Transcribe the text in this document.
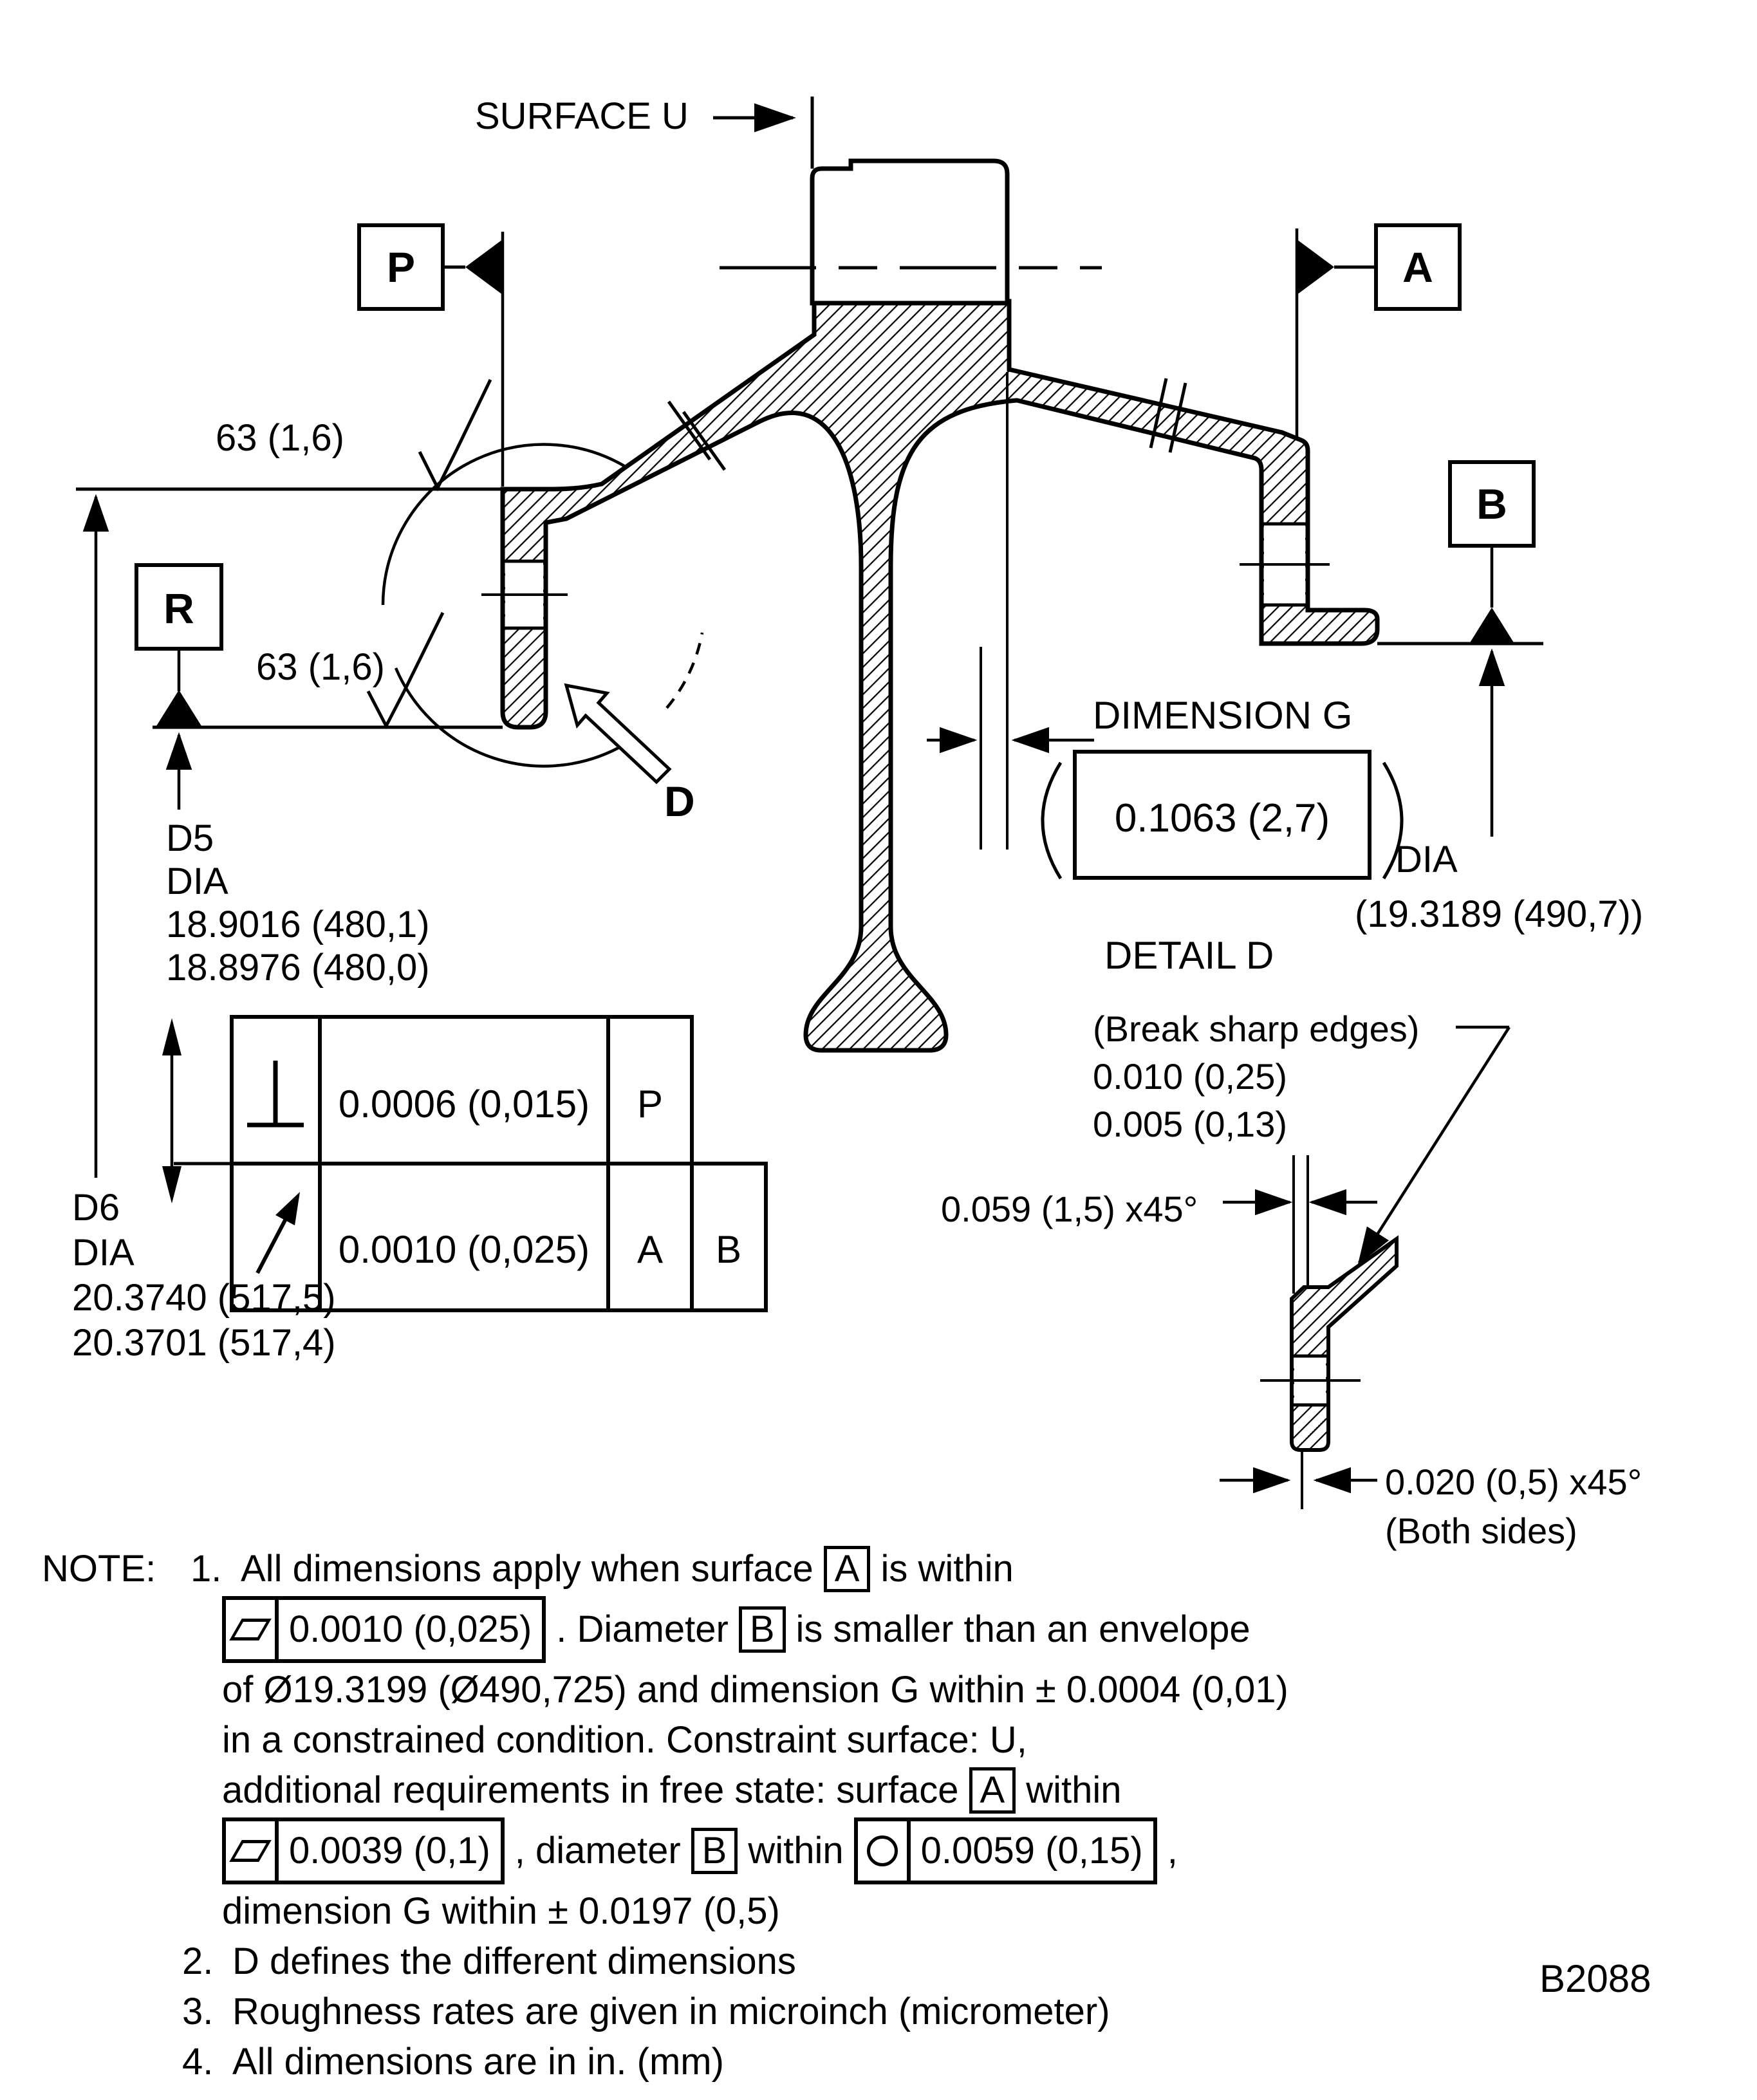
SURFACE U
P	A
63 (1,6)
63 (1,6)
R
D5
DIA
18.9016 (480,1)
18.8976 (480,0)
D6
DIA
20.3740 (517,5)
20.3701 (517,4)
0.0006 (0,015) P
0.0010 (0,025) A B
D
DIMENSION G
0.1063 (2,7)
B
DIA
(19.3189 (490,7))
DETAIL D
(Break sharp edges)
0.010 (0,25)
0.005 (0,13)
0.059 (1,5) x45°
0.020 (0,5) x45°
(Both sides)
NOTE: 1. All dimensions apply when surface A is within
0.0010 (0,025) . Diameter B is smaller than an envelope
of Ø19.3199 (Ø490,725) and dimension G within ± 0.0004 (0,01)
in a constrained condition. Constraint surface: U,
additional requirements in free state: surface A within
0.0039 (0,1) , diameter B within 0.0059 (0,15) ,
dimension G within ± 0.0197 (0,5)
2. D defines the different dimensions
3. Roughness rates are given in microinch (micrometer)
4. All dimensions are in in. (mm)
B2088
